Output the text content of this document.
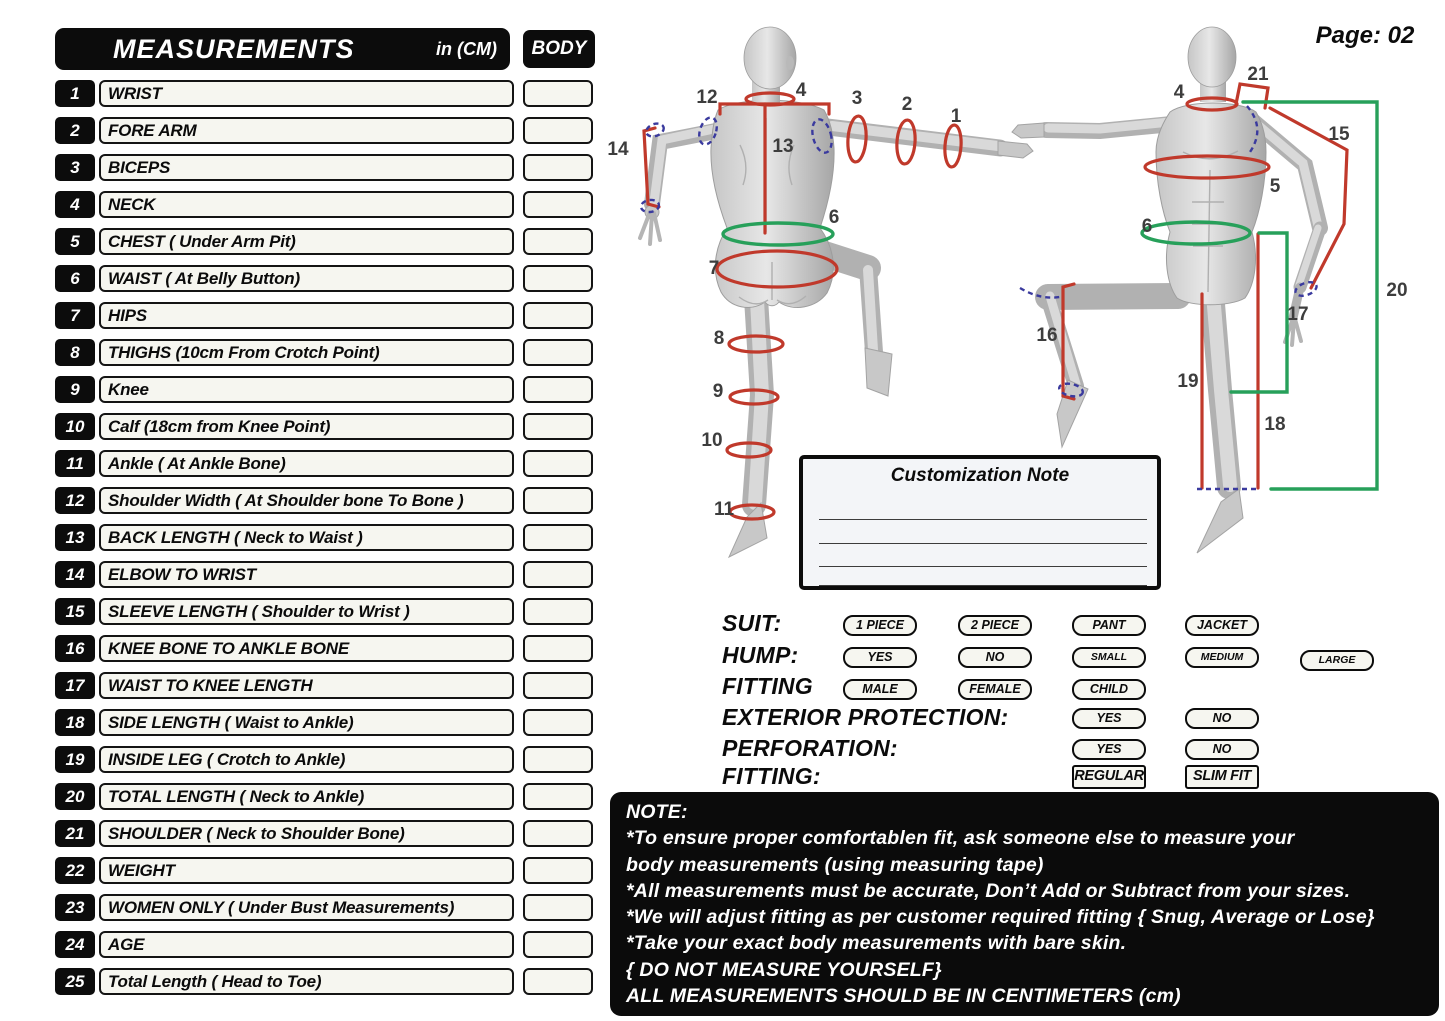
12	4 3 2
1
14	13
6
7
8
9
10
11
4
21
15
5
6
16
17
19
18
20
MEASUREMENTS	in (CM)	BODY
1	WRIST
2	FORE ARM
3	BICEPS
4	NECK
5	CHEST ( Under Arm Pit)
6	WAIST ( At Belly Button)
7	HIPS
8	THIGHS (10cm From Crotch Point)
9	Knee
10	Calf (18cm from Knee Point)
11	Ankle ( At Ankle Bone)
12	Shoulder Width ( At Shoulder bone To Bone )
13	BACK LENGTH ( Neck to Waist )
14	ELBOW TO WRIST
15	SLEEVE LENGTH ( Shoulder to Wrist )
16	KNEE BONE TO ANKLE BONE
17	WAIST TO KNEE LENGTH
18	SIDE LENGTH ( Waist to Ankle)
19	INSIDE LEG ( Crotch to Ankle)
20	TOTAL LENGTH ( Neck to Ankle)
21	SHOULDER ( Neck to Shoulder Bone)
22	WEIGHT
23	WOMEN ONLY ( Under Bust Measurements)
24	AGE
25	Total Length ( Head to Toe)
Page: 02
Customization Note
SUIT:	1 PIECE	2 PIECE	PANT	JACKET
HUMP:	YES	NO	SMALL	MEDIUM	LARGE
FITTING	MALE	FEMALE	CHILD
EXTERIOR PROTECTION:	YES	NO
PERFORATION:	YES	NO
FITTING:	REGULAR	SLIM FIT
NOTE:
*To ensure proper comfortablen fit, ask someone else to measure your
body measurements (using measuring tape)
*All measurements must be accurate, Don’t Add or Subtract from your sizes.
*We will adjust fitting as per customer required fitting { Snug, Average or Lose}
*Take your exact body measurements with bare skin.
{ DO NOT MEASURE YOURSELF}
ALL MEASUREMENTS SHOULD BE IN CENTIMETERS (cm)
